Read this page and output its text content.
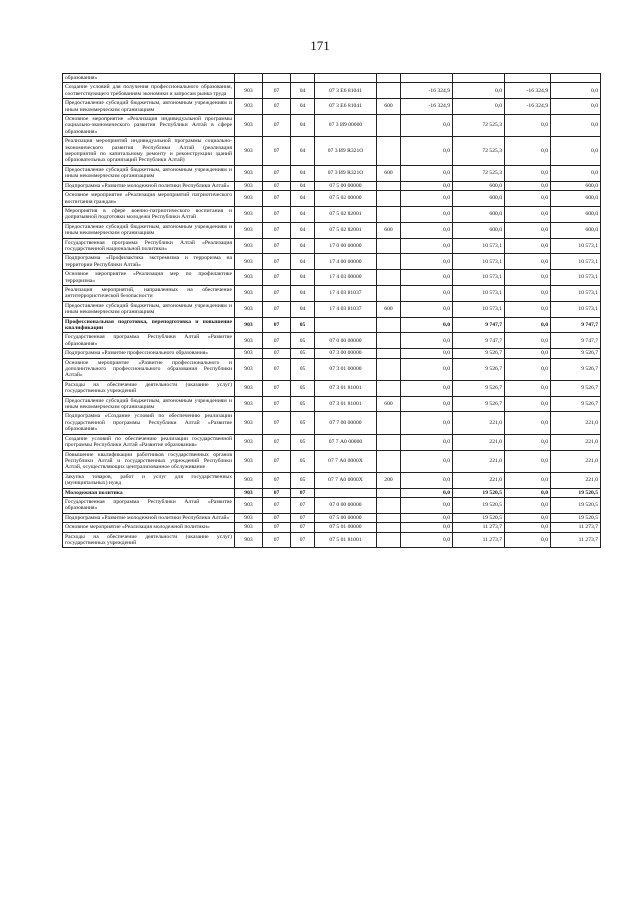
171
образования»									
Создание условий для получения профессионального образования, соответствующего требованиям экономики и запросам рынка труда	903	07	04	07 3 E6 81041		-16 324,9	0,0	-16 324,9	0,0
Предоставление субсидий бюджетным, автономным учреждениям и иным некоммерческим организациям	903	07	04	07 3 E6 81041	600	-16 324,9	0,0	-16 324,9	0,0
Основное мероприятие «Реализация индивидуальной программы социально-экономического развития Республики Алтай в сфере образования»	903	07	04	07 3 И9 00000		0,0	72 525,3	0,0	0,0
Реализация мероприятий индивидуальной программы социально-экономического развития Республики Алтай (реализация мероприятий по капитальному ремонту и реконструкции зданий образовательных организаций Республики Алтай)	903	07	04	07 3 И9 R321О		0,0	72 525,3	0,0	0,0
Предоставление субсидий бюджетным, автономным учреждениям и иным некоммерческим организациям	903	07	04	07 3 И9 R321О	600	0,0	72 525,3	0,0	0,0
Подпрограмма «Развитие молодежной политики Республики Алтай»	903	07	04	07 5 00 00000		0,0	600,0	0,0	600,0
Основное мероприятие «Реализация мероприятий патриотического воспитания граждан»	903	07	04	07 5 02 00000		0,0	600,0	0,0	600,0
Мероприятия в сфере военно-патриотического воспитания и допризывной подготовки молодежи Республики Алтай	903	07	04	07 5 02 82001		0,0	600,0	0,0	600,0
Предоставление субсидий бюджетным, автономным учреждениям и иным некоммерческим организациям	903	07	04	07 5 02 82001	600	0,0	600,0	0,0	600,0
Государственная программа Республики Алтай «Реализация государственной национальной политики»	903	07	04	17 0 00 00000		0,0	10 573,1	0,0	10 573,1
Подпрограмма «Профилактика экстремизма и терроризма на территории Республики Алтай»	903	07	04	17 4 00 00000		0,0	10 573,1	0,0	10 573,1
Основное мероприятие «Реализация мер по профилактике терроризма»	903	07	04	17 4 03 00000		0,0	10 573,1	0,0	10 573,1
Реализация мероприятий, направленных на обеспечение антитеррористической безопасности	903	07	04	17 4 03 81037		0,0	10 573,1	0,0	10 573,1
Предоставление субсидий бюджетным, автономным учреждениям и иным некоммерческим организациям	903	07	04	17 4 03 81037	600	0,0	10 573,1	0,0	10 573,1
Профессиональная подготовка, переподготовка и повышение квалификации	903	07	05			0,0	9 747,7	0,0	9 747,7
Государственная программа Республики Алтай «Развитие образования»	903	07	05	07 0 00 00000		0,0	9 747,7	0,0	9 747,7
Подпрограмма «Развитие профессионального образования»	903	07	05	07 3 00 00000		0,0	9 526,7	0,0	9 526,7
Основное мероприятие «Развитие профессионального и дополнительного профессионального образования Республики Алтай»	903	07	05	07 3 01 00000		0,0	9 526,7	0,0	9 526,7
Расходы на обеспечение деятельности (оказание услуг) государственных учреждений	903	07	05	07 3 01 81001		0,0	9 526,7	0,0	9 526,7
Предоставление субсидий бюджетным, автономным учреждениям и иным некоммерческим организациям	903	07	05	07 3 01 81001	600	0,0	9 526,7	0,0	9 526,7
Подпрограмма «Создание условий по обеспечению реализации государственной программы Республики Алтай «Развитие образования»	903	07	05	07 7 00 00000		0,0	221,0	0,0	221,0
Создание условий по обеспечению реализации государственной программы Республики Алтай «Развитие образования»	903	07	05	07 7 А0 00000		0,0	221,0	0,0	221,0
Повышение квалификации работников государственных органов Республики Алтай и государственных учреждений Республики Алтай, осуществляющих централизованное обслуживание	903	07	05	07 7 А0 0000Х		0,0	221,0	0,0	221,0
Закупка товаров, работ и услуг для государственных (муниципальных) нужд	903	07	05	07 7 А0 0000Х	200	0,0	221,0	0,0	221,0
Молодежная политика	903	07	07			0,0	19 520,5	0,0	19 520,5
Государственная программа Республики Алтай «Развитие образования»	903	07	07	07 0 00 00000		0,0	19 520,5	0,0	19 520,5
Подпрограмма «Развитие молодежной политики Республики Алтай»	903	07	07	07 5 00 00000		0,0	19 520,5	0,0	19 520,5
Основное мероприятие «Реализация молодежной политики»	903	07	07	07 5 01 00000		0,0	11 273,7	0,0	11 273,7
Расходы на обеспечение деятельности (оказание услуг) государственных учреждений	903	07	07	07 5 01 81001		0,0	11 273,7	0,0	11 273,7
